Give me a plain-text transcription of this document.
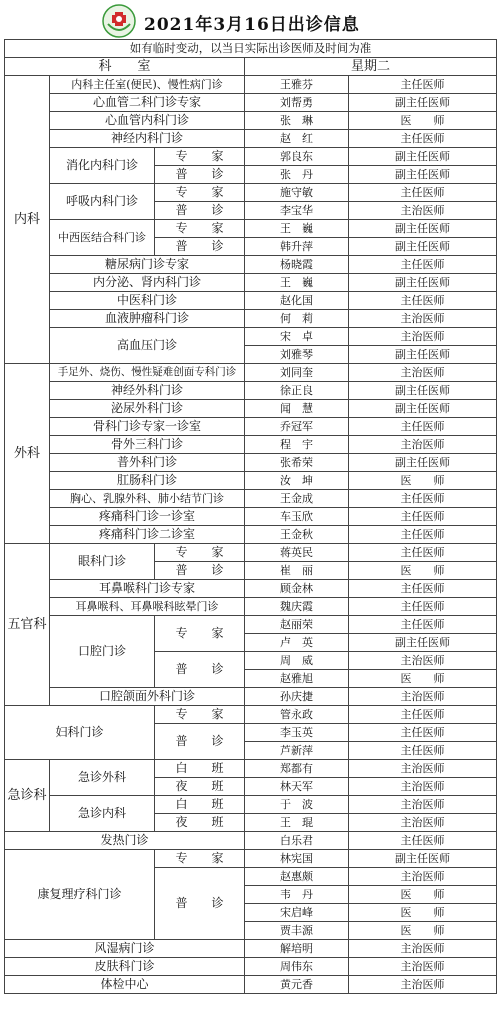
2021年3月16日出诊信息
如有临时变动，以当日实际出诊医师及时间为准				
科　　室			星期二	
内科	内科主任室(便民)、慢性病门诊		王雅芬	主任医师
	心血管二科门诊专家		刘帮勇	副主任医师
	心血管内科门诊		张　琳	医　　师
	神经内科门诊		赵　红	主任医师
	消化内科门诊	专　　家	郭良东	副主任医师
		普　　诊	张　丹	副主任医师
	呼吸内科门诊	专　　家	施守敏	主任医师
		普　　诊	李宝华	主治医师
	中西医结合科门诊	专　　家	王　巍	副主任医师
		普　　诊	韩升萍	副主任医师
	糖尿病门诊专家		杨晓霞	主任医师
	内分泌、肾内科门诊		王　巍	副主任医师
	中医科门诊		赵化国	主任医师
	血液肿瘤科门诊		何　莉	主治医师
	高血压门诊		宋　卓	主治医师
			刘雅琴	副主任医师
外科	手足外、烧伤、慢性疑难创面专科门诊		刘同奎	主治医师
	神经外科门诊		徐正良	副主任医师
	泌尿外科门诊		闻　慧	副主任医师
	骨科门诊专家一诊室		乔冠军	主任医师
	骨外三科门诊		程　宇	主治医师
	普外科门诊		张希荣	副主任医师
	肛肠科门诊		汝　坤	医　　师
	胸心、乳腺外科、肺小结节门诊		王金成	主任医师
	疼痛科门诊一诊室		车玉欣	主任医师
	疼痛科门诊二诊室		王金秋	主任医师
五官科	眼科门诊	专　　家	蒋英民	主任医师
		普　　诊	崔　丽	医　　师
	耳鼻喉科门诊专家		顾金林	主任医师
	耳鼻喉科、耳鼻喉科眩晕门诊		魏庆霞	主任医师
	口腔门诊	专　　家	赵丽荣	主任医师
			卢　英	副主任医师
		普　　诊	周　威	主治医师
			赵雅旭	医　　师
	口腔颌面外科门诊		孙庆捷	主治医师
妇科门诊		专　　家	管永政	主任医师
		普　　诊	李玉英	主任医师
			芦新萍	主任医师
急诊科	急诊外科	白　　班	郑都有	主治医师
		夜　　班	林天军	主治医师
	急诊内科	白　　班	于　波	主治医师
		夜　　班	王　琨	主治医师
发热门诊			白乐君	主任医师
康复理疗科门诊		专　　家	林宪国	副主任医师
		普　　诊	赵惠颇	主治医师
			韦　丹	医　　师
			宋启峰	医　　师
			贾丰源	医　　师
风湿病门诊			解培明	主治医师
皮肤科门诊			周伟东	主治医师
体检中心			黄元香	主治医师
